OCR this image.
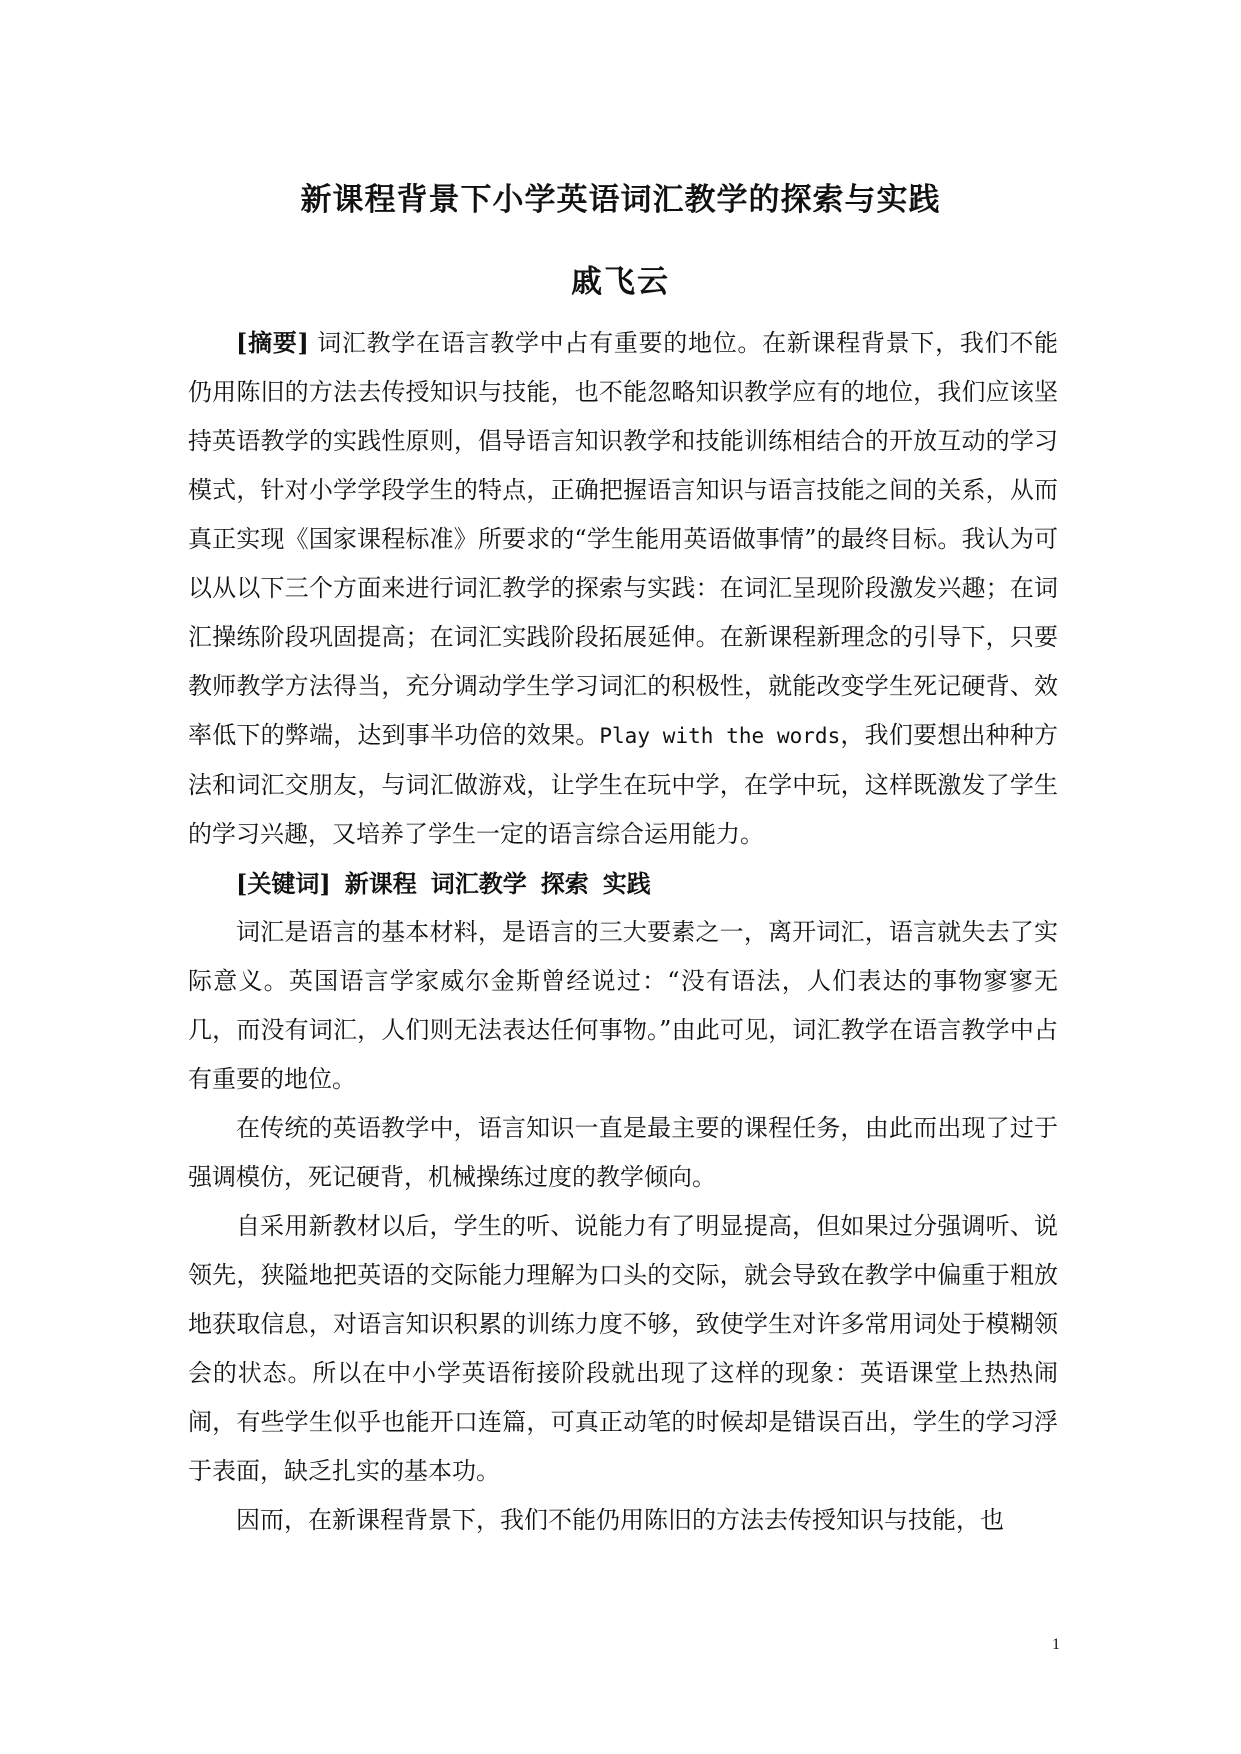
新课程背景下小学英语词汇教学的探索与实践
戚飞云

[摘要] 词汇教学在语言教学中占有重要的地位。在新课程背景下，我们不能仍用陈旧的方法去传授知识与技能，也不能忽略知识教学应有的地位，我们应该坚持英语教学的实践性原则，倡导语言知识教学和技能训练相结合的开放互动的学习模式，针对小学学段学生的特点，正确把握语言知识与语言技能之间的关系，从而真正实现《国家课程标准》所要求的“学生能用英语做事情”的最终目标。我认为可以从以下三个方面来进行词汇教学的探索与实践：在词汇呈现阶段激发兴趣；在词汇操练阶段巩固提高；在词汇实践阶段拓展延伸。在新课程新理念的引导下，只要教师教学方法得当，充分调动学生学习词汇的积极性，就能改变学生死记硬背、效率低下的弊端，达到事半功倍的效果。Play with the words，我们要想出种种方法和词汇交朋友，与词汇做游戏，让学生在玩中学，在学中玩，这样既激发了学生的学习兴趣，又培养了学生一定的语言综合运用能力。

[关键词] 新课程 词汇教学 探索 实践

词汇是语言的基本材料，是语言的三大要素之一，离开词汇，语言就失去了实际意义。英国语言学家威尔金斯曾经说过：“没有语法，人们表达的事物寥寥无几，而没有词汇，人们则无法表达任何事物。”由此可见，词汇教学在语言教学中占有重要的地位。

在传统的英语教学中，语言知识一直是最主要的课程任务，由此而出现了过于强调模仿，死记硬背，机械操练过度的教学倾向。

自采用新教材以后，学生的听、说能力有了明显提高，但如果过分强调听、说领先，狭隘地把英语的交际能力理解为口头的交际，就会导致在教学中偏重于粗放地获取信息，对语言知识积累的训练力度不够，致使学生对许多常用词处于模糊领会的状态。所以在中小学英语衔接阶段就出现了这样的现象：英语课堂上热热闹闹，有些学生似乎也能开口连篇，可真正动笔的时候却是错误百出，学生的学习浮于表面，缺乏扎实的基本功。

因而，在新课程背景下，我们不能仍用陈旧的方法去传授知识与技能，也

1
